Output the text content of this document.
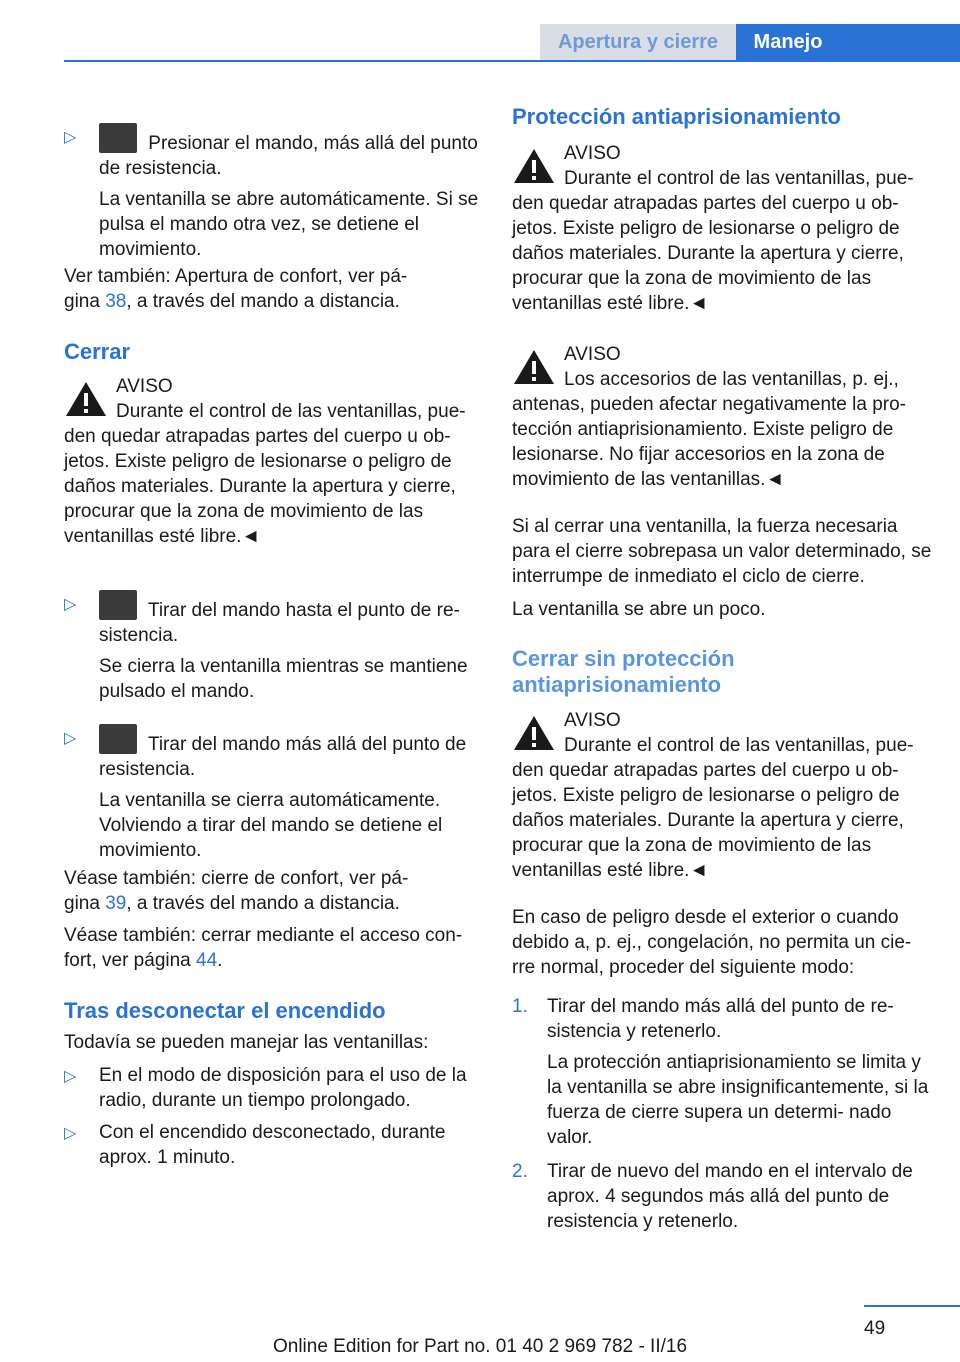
Apertura y cierre	Manejo
▷	Presionar el mando, más allá del punto de resistencia.

La ventanilla se abre automáticamente. Si se pulsa el mando otra vez, se detiene el movimiento.

Ver también: Apertura de confort, ver pá-
gina 38, a través del mando a distancia.

Cerrar

AVISO

Durante el control de las ventanillas, pue- den quedar atrapadas partes del cuerpo u ob- jetos. Existe peligro de lesionarse o peligro de daños materiales. Durante la apertura y cierre, procurar que la zona de movimiento de las ventanillas esté libre.◄

▷	Tirar del mando hasta el punto de re- sistencia.

Se cierra la ventanilla mientras se mantiene pulsado el mando.

▷	Tirar del mando más allá del punto de resistencia.

La ventanilla se cierra automáticamente. Volviendo a tirar del mando se detiene el movimiento.

Véase también: cierre de confort, ver pá-
gina 39, a través del mando a distancia.

Véase también: cerrar mediante el acceso con- fort, ver página 44.

Tras desconectar el encendido

Todavía se pueden manejar las ventanillas:

▷	En el modo de disposición para el uso de la radio, durante un tiempo prolongado.

▷	Con el encendido desconectado, durante aprox. 1 minuto.

Protección antiaprisionamiento

AVISO

Durante el control de las ventanillas, pue- den quedar atrapadas partes del cuerpo u ob- jetos. Existe peligro de lesionarse o peligro de daños materiales. Durante la apertura y cierre, procurar que la zona de movimiento de las ventanillas esté libre.◄

AVISO

Los accesorios de las ventanillas, p. ej., antenas, pueden afectar negativamente la pro- tección antiaprisionamiento. Existe peligro de lesionarse. No fijar accesorios en la zona de movimiento de las ventanillas.◄

Si al cerrar una ventanilla, la fuerza necesaria para el cierre sobrepasa un valor determinado, se interrumpe de inmediato el ciclo de cierre.

La ventanilla se abre un poco.

Cerrar sin protección antiaprisionamiento

AVISO

Durante el control de las ventanillas, pue- den quedar atrapadas partes del cuerpo u ob- jetos. Existe peligro de lesionarse o peligro de daños materiales. Durante la apertura y cierre, procurar que la zona de movimiento de las ventanillas esté libre.◄

En caso de peligro desde el exterior o cuando debido a, p. ej., congelación, no permita un cie- rre normal, proceder del siguiente modo:

1. Tirar del mando más allá del punto de re- sistencia y retenerlo.

La protección antiaprisionamiento se limita y la ventanilla se abre insignificantemente, si la fuerza de cierre supera un determi- nado valor.

2.	Tirar de nuevo del mando en el intervalo de aprox. 4 segundos más allá del punto de resistencia y retenerlo.

49
Online Edition for Part no. 01 40 2 969 782 - II/16
